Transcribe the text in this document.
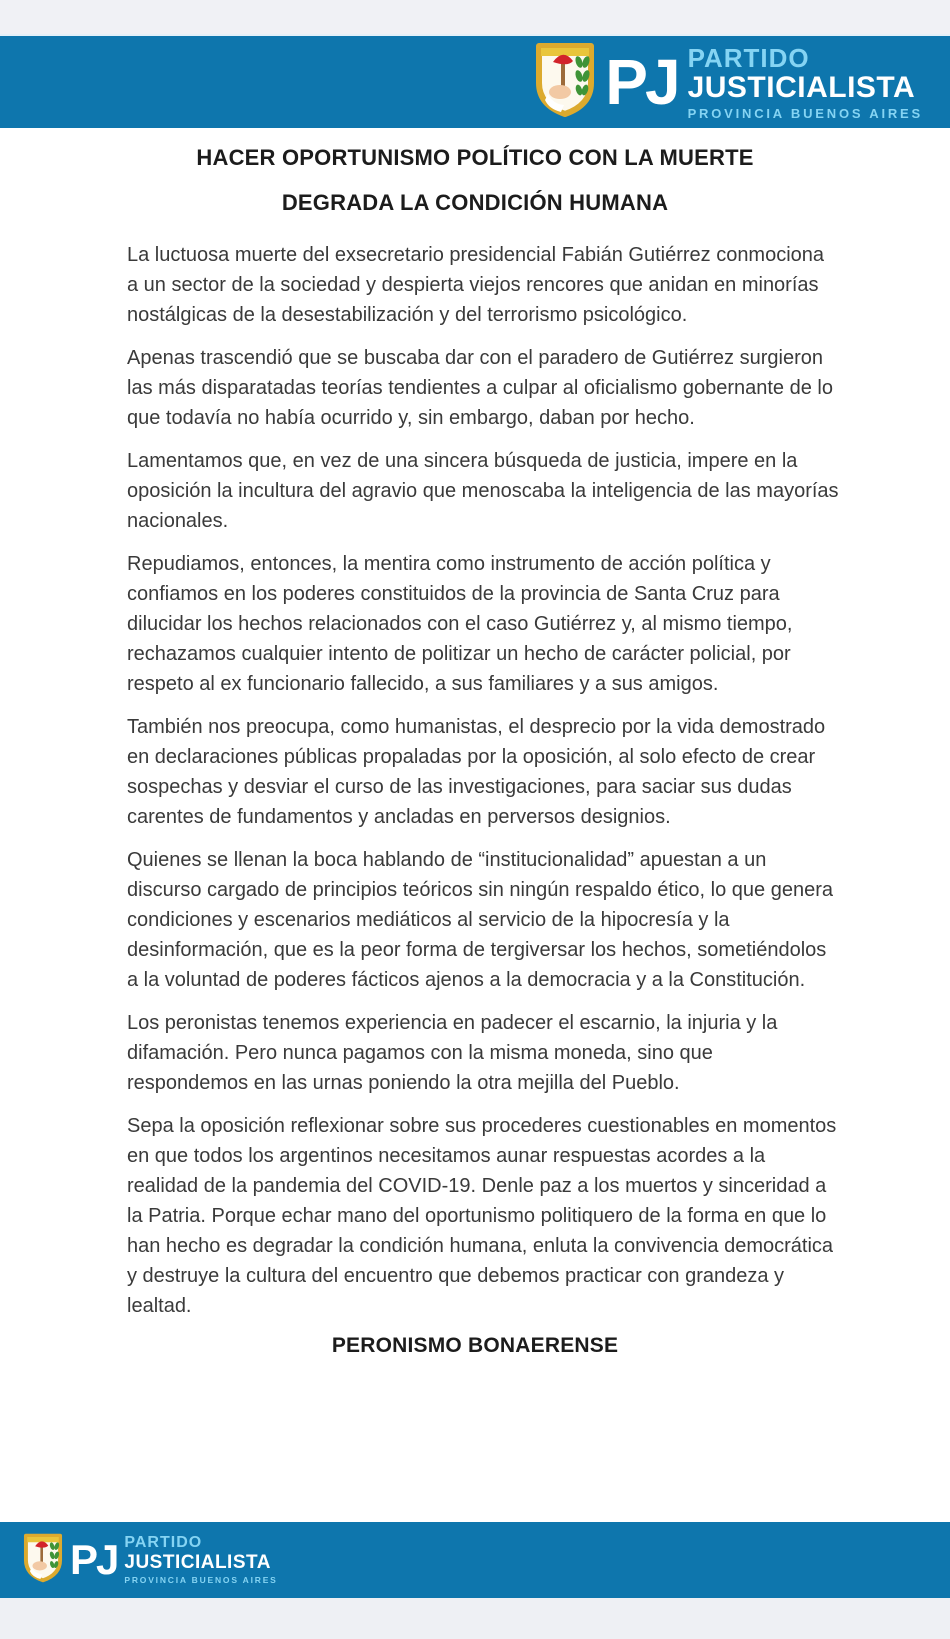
PJ PARTIDO
JUSTICIALISTA
PROVINCIA BUENOS AIRES
HACER OPORTUNISMO POLÍTICO CON LA MUERTE
DEGRADA LA CONDICIÓN HUMANA

La luctuosa muerte del exsecretario presidencial Fabián Gutiérrez conmociona a un sector de la sociedad y despierta viejos rencores que anidan en minorías nostálgicas de la desestabilización y del terrorismo psicológico.

Apenas trascendió que se buscaba dar con el paradero de Gutiérrez surgieron las más disparatadas teorías tendientes a culpar al oficialismo gobernante de lo que todavía no había ocurrido y, sin embargo, daban por hecho.

Lamentamos que, en vez de una sincera búsqueda de justicia, impere en la oposición la incultura del agravio que menoscaba la inteligencia de las mayorías nacionales.

Repudiamos, entonces, la mentira como instrumento de acción política y confiamos en los poderes constituidos de la provincia de Santa Cruz para dilucidar los hechos relacionados con el caso Gutiérrez y, al mismo tiempo, rechazamos cualquier intento de politizar un hecho de carácter policial, por respeto al ex funcionario fallecido, a sus familiares y a sus amigos.

También nos preocupa, como humanistas, el desprecio por la vida demostrado en declaraciones públicas propaladas por la oposición, al solo efecto de crear sospechas y desviar el curso de las investigaciones, para saciar sus dudas carentes de fundamentos y ancladas en perversos designios.

Quienes se llenan la boca hablando de “institucionalidad” apuestan a un discurso cargado de principios teóricos sin ningún respaldo ético, lo que genera condiciones y escenarios mediáticos al servicio de la hipocresía y la desinformación, que es la peor forma de tergiversar los hechos, sometiéndolos a la voluntad de poderes fácticos ajenos a la democracia y a la Constitución.

Los peronistas tenemos experiencia en padecer el escarnio, la injuria y la difamación. Pero nunca pagamos con la misma moneda, sino que respondemos en las urnas poniendo la otra mejilla del Pueblo.

Sepa la oposición reflexionar sobre sus procederes cuestionables en momentos en que todos los argentinos necesitamos aunar respuestas acordes a la realidad de la pandemia del COVID-19. Denle paz a los muertos y sinceridad a la Patria. Porque echar mano del oportunismo politiquero de la forma en que lo han hecho es degradar la condición humana, enluta la convivencia democrática y destruye la cultura del encuentro que debemos practicar con grandeza y lealtad.

PERONISMO BONAERENSE
PJ PARTIDO
JUSTICIALISTA
PROVINCIA BUENOS AIRES
